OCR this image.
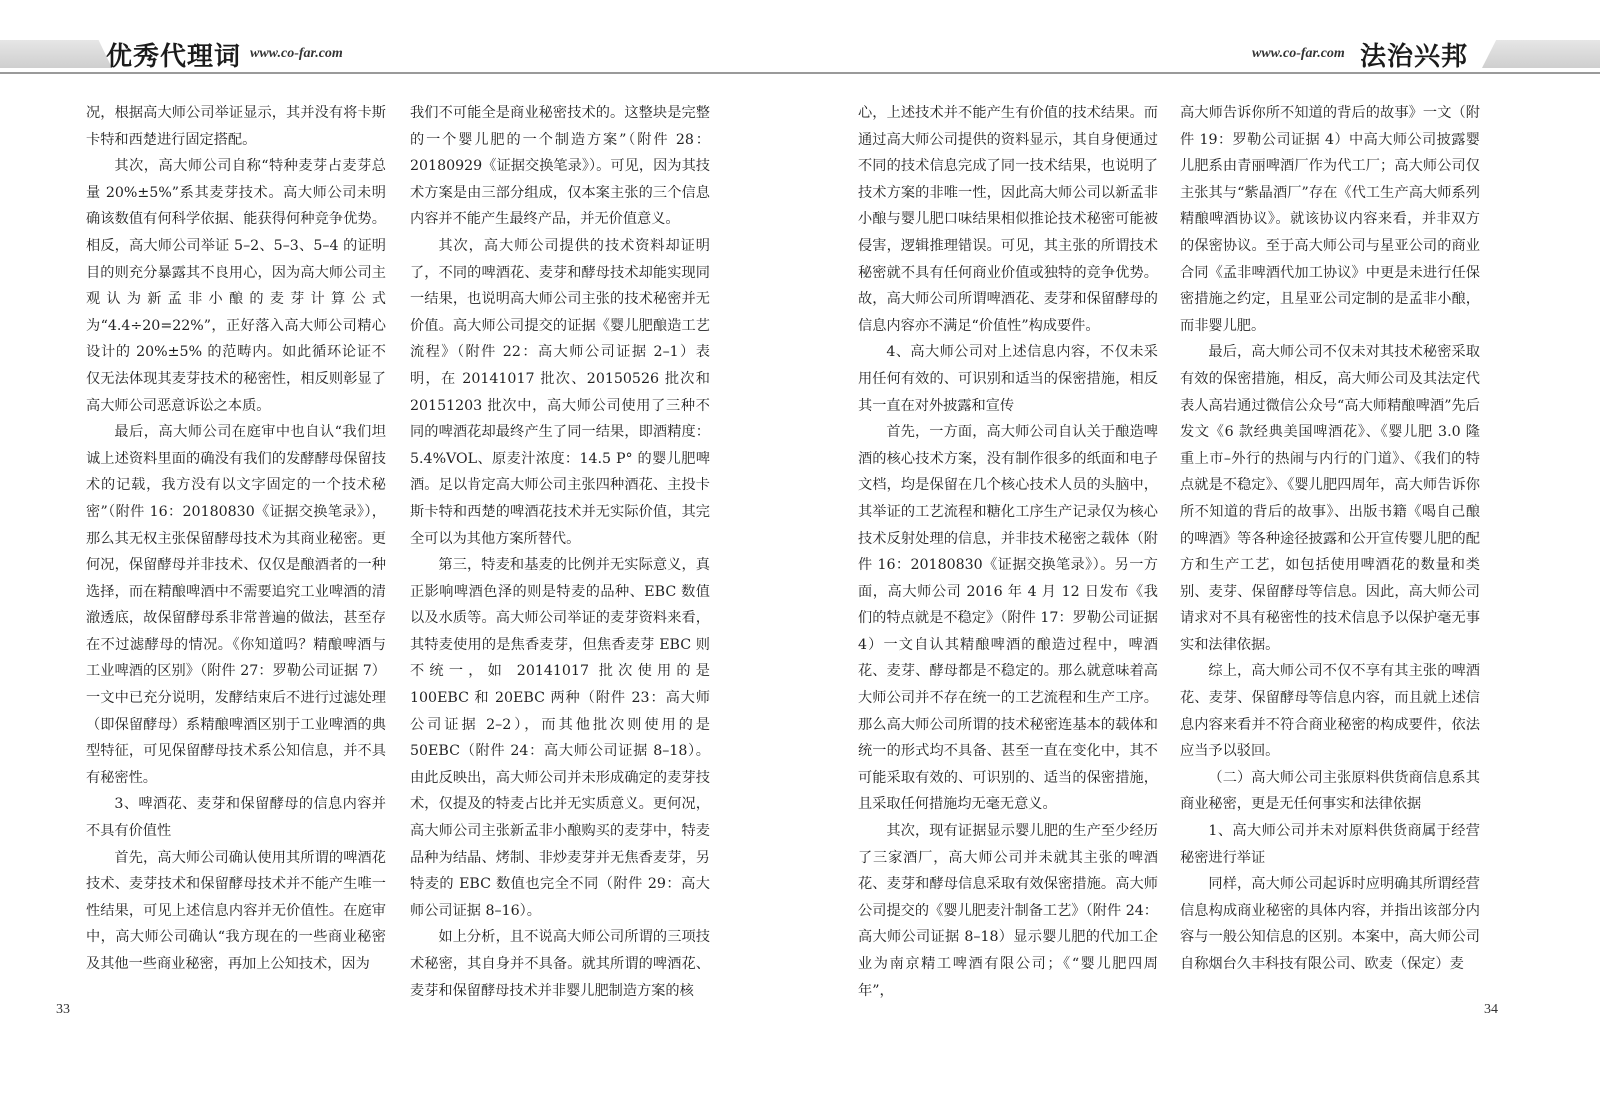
优秀代理词 www.co-far.com

况，根据高大师公司举证显示，其并没有将卡斯卡特和西楚进行固定搭配。

其次，高大师公司自称“特种麦芽占麦芽总量 20%±5%”系其麦芽技术。高大师公司未明确该数值有何科学依据、能获得何种竞争优势。相反，高大师公司举证 5–2、5–3、5–4 的证明目的则充分暴露其不良用心，因为高大师公司主观认为新孟非小酿的麦芽计算公式为“4.4÷20=22%”，正好落入高大师公司精心设计的 20%±5% 的范畴内。如此循环论证不仅无法体现其麦芽技术的秘密性，相反则彰显了高大师公司恶意诉讼之本质。

最后，高大师公司在庭审中也自认“我们坦诚上述资料里面的确没有我们的发酵酵母保留技术的记载，我方没有以文字固定的一个技术秘密”（附件 16：20180830《证据交换笔录》），那么其无权主张保留酵母技术为其商业秘密。更何况，保留酵母并非技术、仅仅是酿酒者的一种选择，而在精酿啤酒中不需要追究工业啤酒的清澈透底，故保留酵母系非常普遍的做法，甚至存在不过滤酵母的情况。《你知道吗？精酿啤酒与工业啤酒的区别》（附件 27：罗勒公司证据 7）一文中已充分说明，发酵结束后不进行过滤处理（即保留酵母）系精酿啤酒区别于工业啤酒的典型特征，可见保留酵母技术系公知信息，并不具有秘密性。

3、啤酒花、麦芽和保留酵母的信息内容并不具有价值性

首先，高大师公司确认使用其所谓的啤酒花技术、麦芽技术和保留酵母技术并不能产生唯一性结果，可见上述信息内容并无价值性。在庭审中，高大师公司确认“我方现在的一些商业秘密及其他一些商业秘密，再加上公知技术，因为

我们不可能全是商业秘密技术的。这整块是完整的一个婴儿肥的一个制造方案”（附件 28：20180929《证据交换笔录》）。可见，因为其技术方案是由三部分组成，仅本案主张的三个信息内容并不能产生最终产品，并无价值意义。

其次，高大师公司提供的技术资料却证明了，不同的啤酒花、麦芽和酵母技术却能实现同一结果，也说明高大师公司主张的技术秘密并无价值。高大师公司提交的证据《婴儿肥酿造工艺流程》（附件 22：高大师公司证据 2–1）表明，在 20141017 批次、20150526 批次和 20151203 批次中，高大师公司使用了三种不同的啤酒花却最终产生了同一结果，即酒精度：5.4%VOL、原麦汁浓度：14.5 P° 的婴儿肥啤酒。足以肯定高大师公司主张四种酒花、主投卡斯卡特和西楚的啤酒花技术并无实际价值，其完全可以为其他方案所替代。

第三，特麦和基麦的比例并无实际意义，真正影响啤酒色泽的则是特麦的品种、EBC 数值以及水质等。高大师公司举证的麦芽资料来看，其特麦使用的是焦香麦芽，但焦香麦芽 EBC 则不统一，如 20141017 批次使用的是 100EBC 和 20EBC 两种（附件 23：高大师公司证据 2–2），而其他批次则使用的是 50EBC（附件 24：高大师公司证据 8–18）。由此反映出，高大师公司并未形成确定的麦芽技术，仅提及的特麦占比并无实质意义。更何况，高大师公司主张新孟非小酿购买的麦芽中，特麦品种为结晶、烤制、非炒麦芽并无焦香麦芽，另特麦的 EBC 数值也完全不同（附件 29：高大师公司证据 8–16）。

如上分析，且不说高大师公司所谓的三项技术秘密，其自身并不具备。就其所谓的啤酒花、麦芽和保留酵母技术并非婴儿肥制造方案的核

33
www.co-far.com 法治兴邦

心，上述技术并不能产生有价值的技术结果。而通过高大师公司提供的资料显示，其自身便通过不同的技术信息完成了同一技术结果，也说明了技术方案的非唯一性，因此高大师公司以新孟非小酿与婴儿肥口味结果相似推论技术秘密可能被侵害，逻辑推理错误。可见，其主张的所谓技术秘密就不具有任何商业价值或独特的竞争优势。故，高大师公司所谓啤酒花、麦芽和保留酵母的信息内容亦不满足“价值性”构成要件。

4、高大师公司对上述信息内容，不仅未采用任何有效的、可识别和适当的保密措施，相反其一直在对外披露和宣传

首先，一方面，高大师公司自认关于酿造啤酒的核心技术方案，没有制作很多的纸面和电子文档，均是保留在几个核心技术人员的头脑中，其举证的工艺流程和糖化工序生产记录仅为核心技术反射处理的信息，并非技术秘密之载体（附件 16：20180830《证据交换笔录》）。另一方面，高大师公司 2016 年 4 月 12 日发布《我们的特点就是不稳定》（附件 17：罗勒公司证据 4）一文自认其精酿啤酒的酿造过程中，啤酒花、麦芽、酵母都是不稳定的。那么就意味着高大师公司并不存在统一的工艺流程和生产工序。那么高大师公司所谓的技术秘密连基本的载体和统一的形式均不具备、甚至一直在变化中，其不可能采取有效的、可识别的、适当的保密措施，且采取任何措施均无毫无意义。

其次，现有证据显示婴儿肥的生产至少经历了三家酒厂，高大师公司并未就其主张的啤酒花、麦芽和酵母信息采取有效保密措施。高大师公司提交的《婴儿肥麦汁制备工艺》（附件 24：高大师公司证据 8–18）显示婴儿肥的代加工企业为南京精工啤酒有限公司；《“婴儿肥四周年”，

高大师告诉你所不知道的背后的故事》一文（附件 19：罗勒公司证据 4）中高大师公司披露婴儿肥系由青丽啤酒厂作为代工厂；高大师公司仅主张其与“紫晶酒厂”存在《代工生产高大师系列精酿啤酒协议》。就该协议内容来看，并非双方的保密协议。至于高大师公司与星亚公司的商业合同《孟非啤酒代加工协议》中更是未进行任保密措施之约定，且星亚公司定制的是孟非小酿，而非婴儿肥。

最后，高大师公司不仅未对其技术秘密采取有效的保密措施，相反，高大师公司及其法定代表人高岩通过微信公众号“高大师精酿啤酒”先后发文《6 款经典美国啤酒花》、《婴儿肥 3.0 隆重上市–外行的热闹与内行的门道》、《我们的特点就是不稳定》、《婴儿肥四周年，高大师告诉你所不知道的背后的故事》、出版书籍《喝自己酿的啤酒》等各种途径披露和公开宣传婴儿肥的配方和生产工艺，如包括使用啤酒花的数量和类别、麦芽、保留酵母等信息。因此，高大师公司请求对不具有秘密性的技术信息予以保护毫无事实和法律依据。

综上，高大师公司不仅不享有其主张的啤酒花、麦芽、保留酵母等信息内容，而且就上述信息内容来看并不符合商业秘密的构成要件，依法应当予以驳回。

（二）高大师公司主张原料供货商信息系其商业秘密，更是无任何事实和法律依据

1、高大师公司并未对原料供货商属于经营秘密进行举证

同样，高大师公司起诉时应明确其所谓经营信息构成商业秘密的具体内容，并指出该部分内容与一般公知信息的区别。本案中，高大师公司自称烟台久丰科技有限公司、欧麦（保定）麦

34
